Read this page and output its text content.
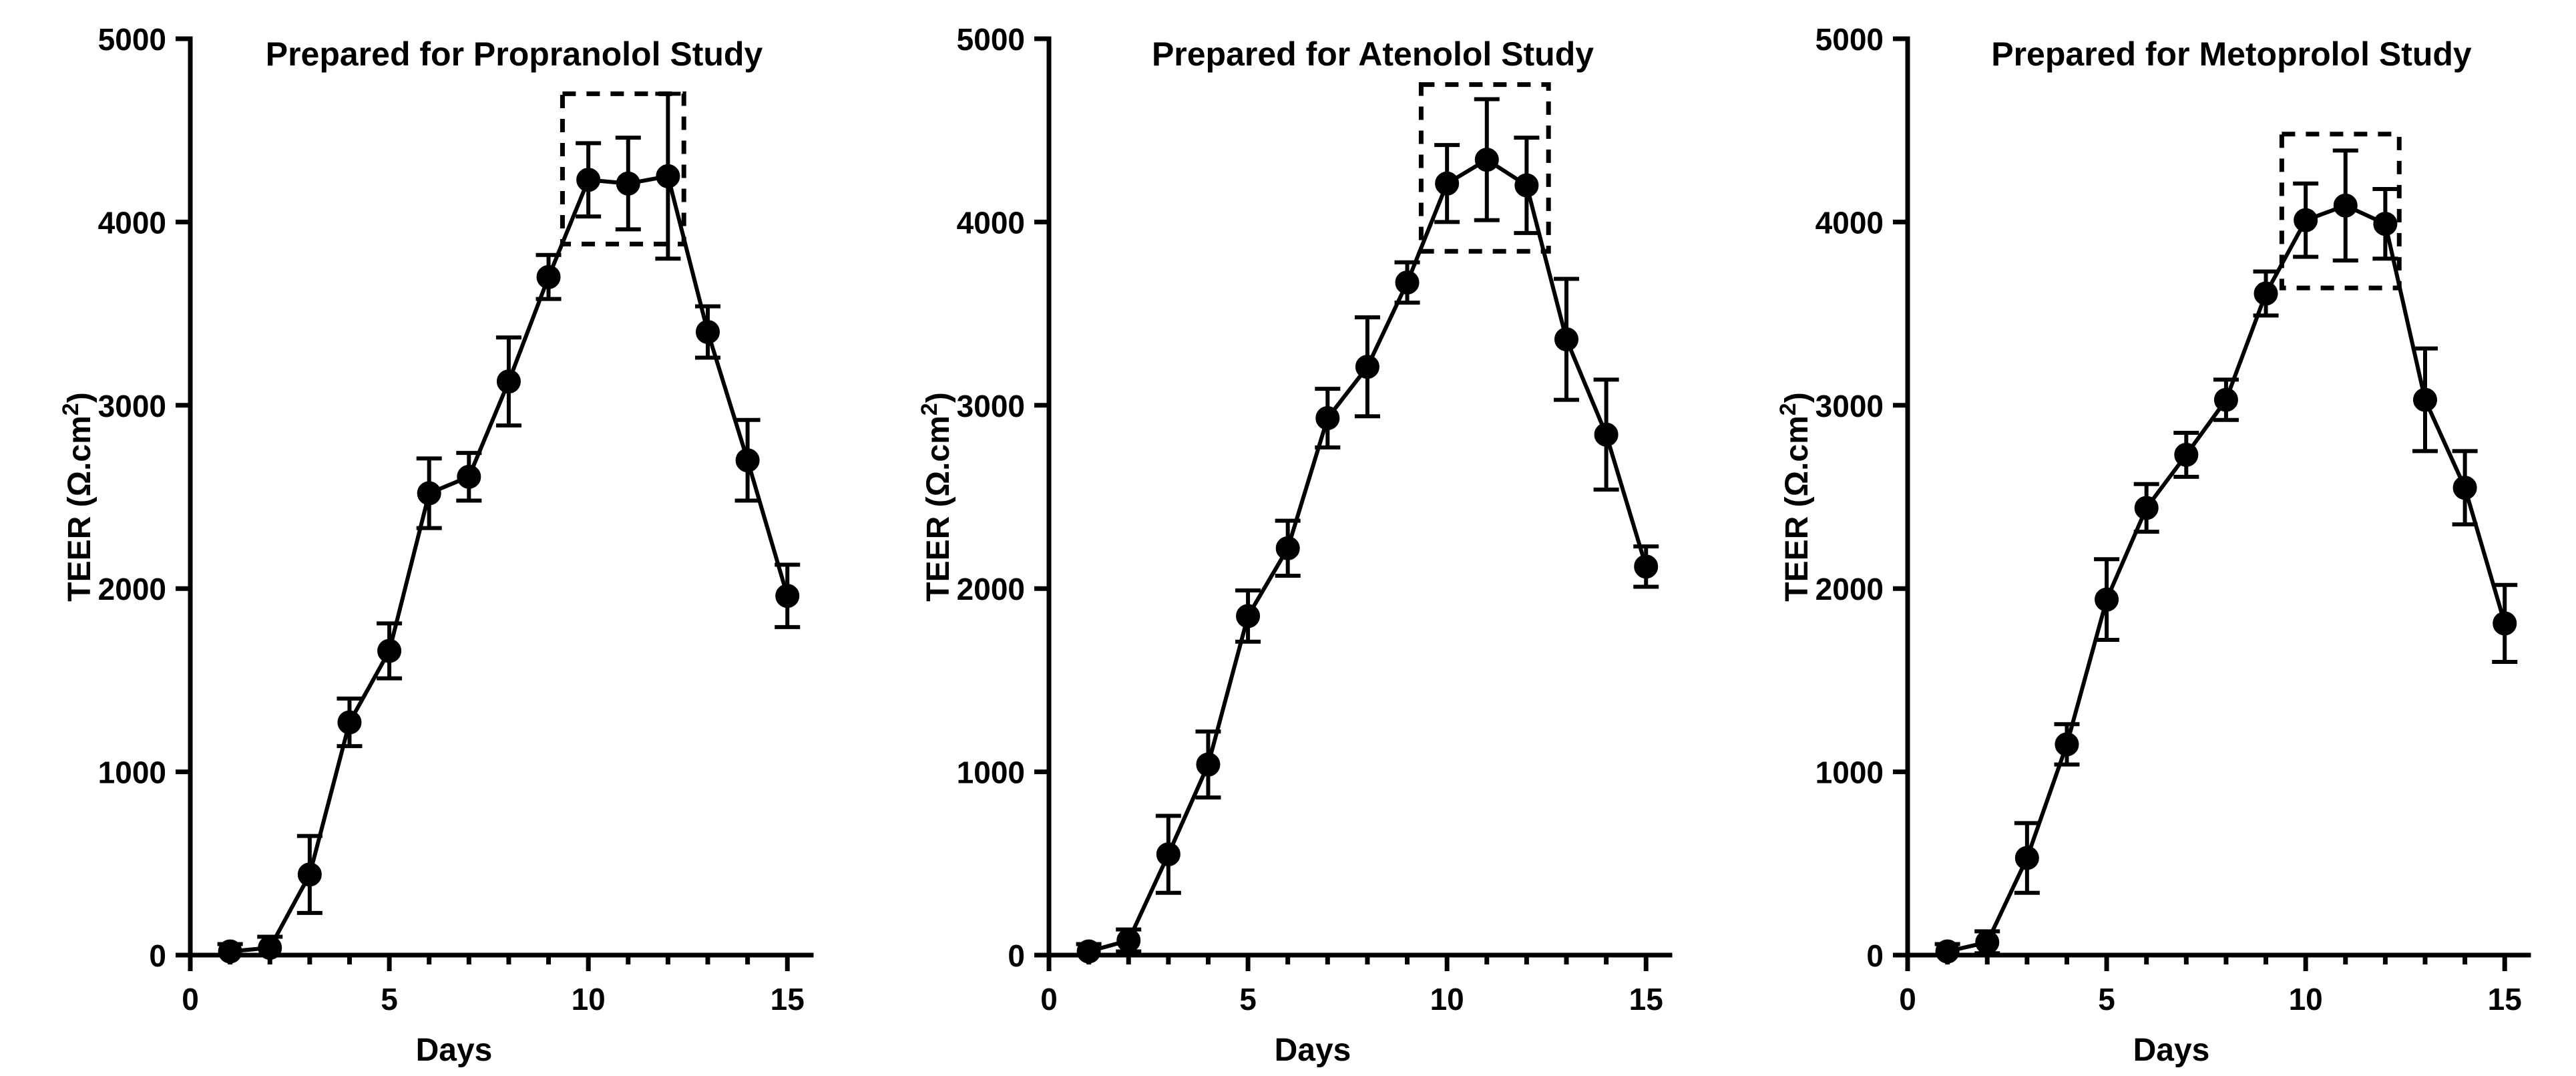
Prepared for Propranolol Study
0
1000
2000
3000
4000
5000
0	5	10	15
Days
TEER $(\Omega.cm^2)$
Prepared for Atenolol Study
0
1000
2000
3000
4000
5000
0	5	10	15
Days
TEER $(\Omega.cm^2)$
Prepared for Metoprolol Study
0
1000
2000
3000
4000
5000
0	5	10	15
Days
TEER $(\Omega.cm^2)$
